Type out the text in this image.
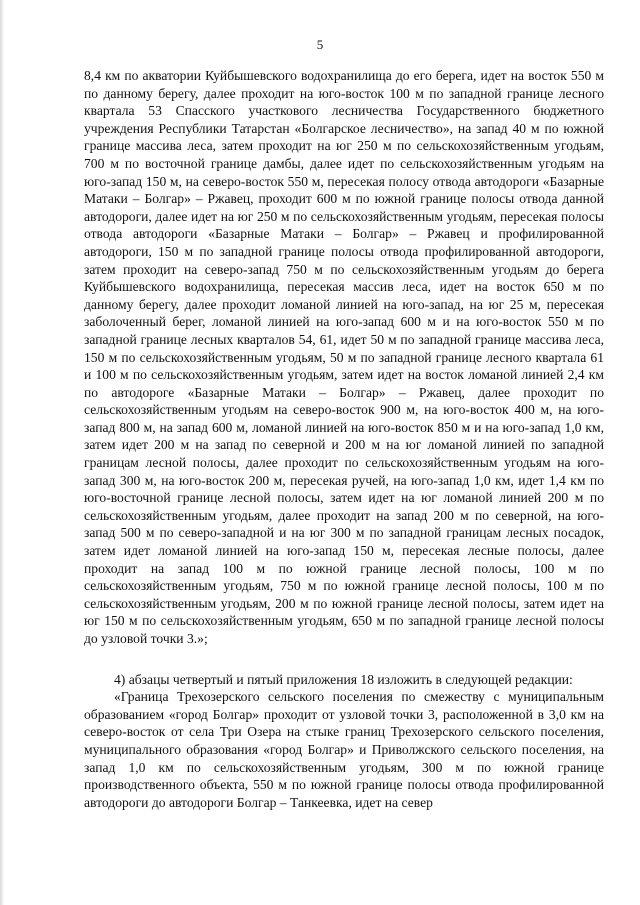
5

8,4 км по акватории Куйбышевского водохранилища до его берега, идет на восток 550 м по данному берегу, далее проходит на юго-восток 100 м по западной границе лесного квартала 53 Спасского участкового лесничества Государственного бюджетного учреждения Республики Татарстан «Болгарское лесничество», на запад 40 м по южной границе массива леса, затем проходит на юг 250 м по сельскохозяйственным угодьям, 700 м по восточной границе дамбы, далее идет по сельскохозяйственным угодьям на юго-запад 150 м, на северо-восток 550 м, пересекая полосу отвода автодороги «Базарные Матаки – Болгар» – Ржавец, проходит 600 м по южной границе полосы отвода данной автодороги, далее идет на юг 250 м по сельскохозяйственным угодьям, пересекая полосы отвода автодороги «Базарные Матаки – Болгар» – Ржавец и профилированной автодороги, 150 м по западной границе полосы отвода профилированной автодороги, затем проходит на северо-запад 750 м по сельскохозяйственным угодьям до берега Куйбышевского водохранилища, пересекая массив леса, идет на восток 650 м по данному берегу, далее проходит ломаной линией на юго-запад, на юг 25 м, пересекая заболоченный берег, ломаной линией на юго-запад 600 м и на юго-восток 550 м по западной границе лесных кварталов 54, 61, идет 50 м по западной границе массива леса, 150 м по сельскохозяйственным угодьям, 50 м по западной границе лесного квартала 61 и 100 м по сельскохозяйственным угодьям, затем идет на восток ломаной линией 2,4 км по автодороге «Базарные Матаки – Болгар» – Ржавец, далее проходит по сельскохозяйственным угодьям на северо-восток 900 м, на юго-восток 400 м, на юго-запад 800 м, на запад 600 м, ломаной линией на юго-восток 850 м и на юго-запад 1,0 км, затем идет 200 м на запад по северной и 200 м на юг ломаной линией по западной границам лесной полосы, далее проходит по сельскохозяйственным угодьям на юго-запад 300 м, на юго-восток 200 м, пересекая ручей, на юго-запад 1,0 км, идет 1,4 км по юго-восточной границе лесной полосы, затем идет на юг ломаной линией 200 м по сельскохозяйственным угодьям, далее проходит на запад 200 м по северной, на юго-запад 500 м по северо-западной и на юг 300 м по западной границам лесных посадок, затем идет ломаной линией на юго-запад 150 м, пересекая лесные полосы, далее проходит на запад 100 м по южной границе лесной полосы, 100 м по сельскохозяйственным угодьям, 750 м по южной границе лесной полосы, 100 м по сельскохозяйственным угодьям, 200 м по южной границе лесной полосы, затем идет на юг 150 м по сельскохозяйственным угодьям, 650 м по западной границе лесной полосы до узловой точки 3.»;

4) абзацы четвертый и пятый приложения 18 изложить в следующей редакции:

«Граница Трехозерского сельского поселения по смежеству с муниципальным образованием «город Болгар» проходит от узловой точки 3, расположенной в 3,0 км на северо-восток от села Три Озера на стыке границ Трехозерского сельского поселения, муниципального образования «город Болгар» и Приволжского сельского поселения, на запад 1,0 км по сельскохозяйственным угодьям, 300 м по южной границе производственного объекта, 550 м по южной границе полосы отвода профилированной автодороги до автодороги Болгар – Танкеевка, идет на север
